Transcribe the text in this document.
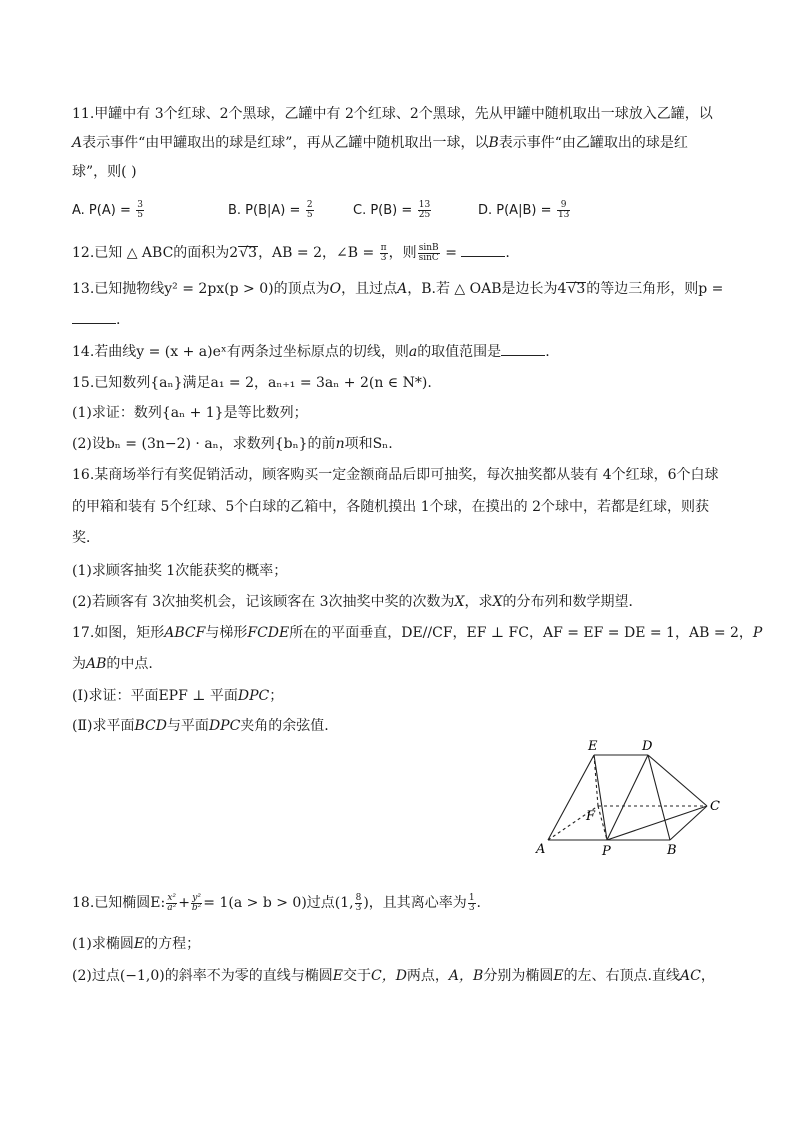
11.甲罐中有 3个红球、2个黑球，乙罐中有 2个红球、2个黑球，先从甲罐中随机取出一球放入乙罐，以
A表示事件“由甲罐取出的球是红球”，再从乙罐中随机取出一球，以B表示事件“由乙罐取出的球是红
球”，则( )
A. $P(A) = \frac{3}{5}$	B. $P(B|A) = \frac{2}{5}$	C. $P(B) = \frac{13}{25}$	D. $P(A|B) = \frac{9}{13}$
12.已知 △ ABC的面积为2√3，AB = 2，∠B = $\frac{\pi}{3}$ ，则 $\frac{\sin B}{\sin C}$ =	.
13.已知抛物线y² = 2px(p > 0)的顶点为O，且过点A，B.若 △ OAB是边长为4√3的等边三角形，则p =
.
14.若曲线y = (x + a)eˣ有两条过坐标原点的切线，则a的取值范围是	.
15.已知数列{aₙ}满足a₁ = 2，aₙ₊₁ = 3aₙ + 2(n ∈ N*).
(1)求证：数列{aₙ + 1}是等比数列；
(2)设bₙ = (3n−2) · aₙ，求数列{bₙ}的前n项和Sₙ.
16.某商场举行有奖促销活动，顾客购买一定金额商品后即可抽奖，每次抽奖都从装有 4个红球，6个白球
的甲箱和装有 5个红球、5个白球的乙箱中，各随机摸出 1个球，在摸出的 2个球中，若都是红球，则获
奖．
(1)求顾客抽奖 1次能获奖的概率；
(2)若顾客有 3次抽奖机会，记该顾客在 3次抽奖中奖的次数为X，求X的分布列和数学期望．
17.如图，矩形ABCF与梯形FCDE所在的平面垂直，DE//CF，EF ⊥ FC，AF = EF = DE = 1，AB = 2，P
为AB的中点.
(Ⅰ)求证：平面EPF ⊥ 平面DPC；
(Ⅱ)求平面BCD与平面DPC夹角的余弦值.
E	D
C
F
A	P	B
18.已知椭圆E: $\frac{\text{x²}}{\text{a²}} + \frac{\text{y²}}{\text{b²}} = 1(a > b > 0)$过点(1, $\frac{8}{3}$ )，且其离心率为 $\frac{1}{3}$ .
(1)求椭圆E的方程；
(2)过点(−1,0)的斜率不为零的直线与椭圆E交于C，D两点，A，B分别为椭圆E的左、右顶点.直线AC，
